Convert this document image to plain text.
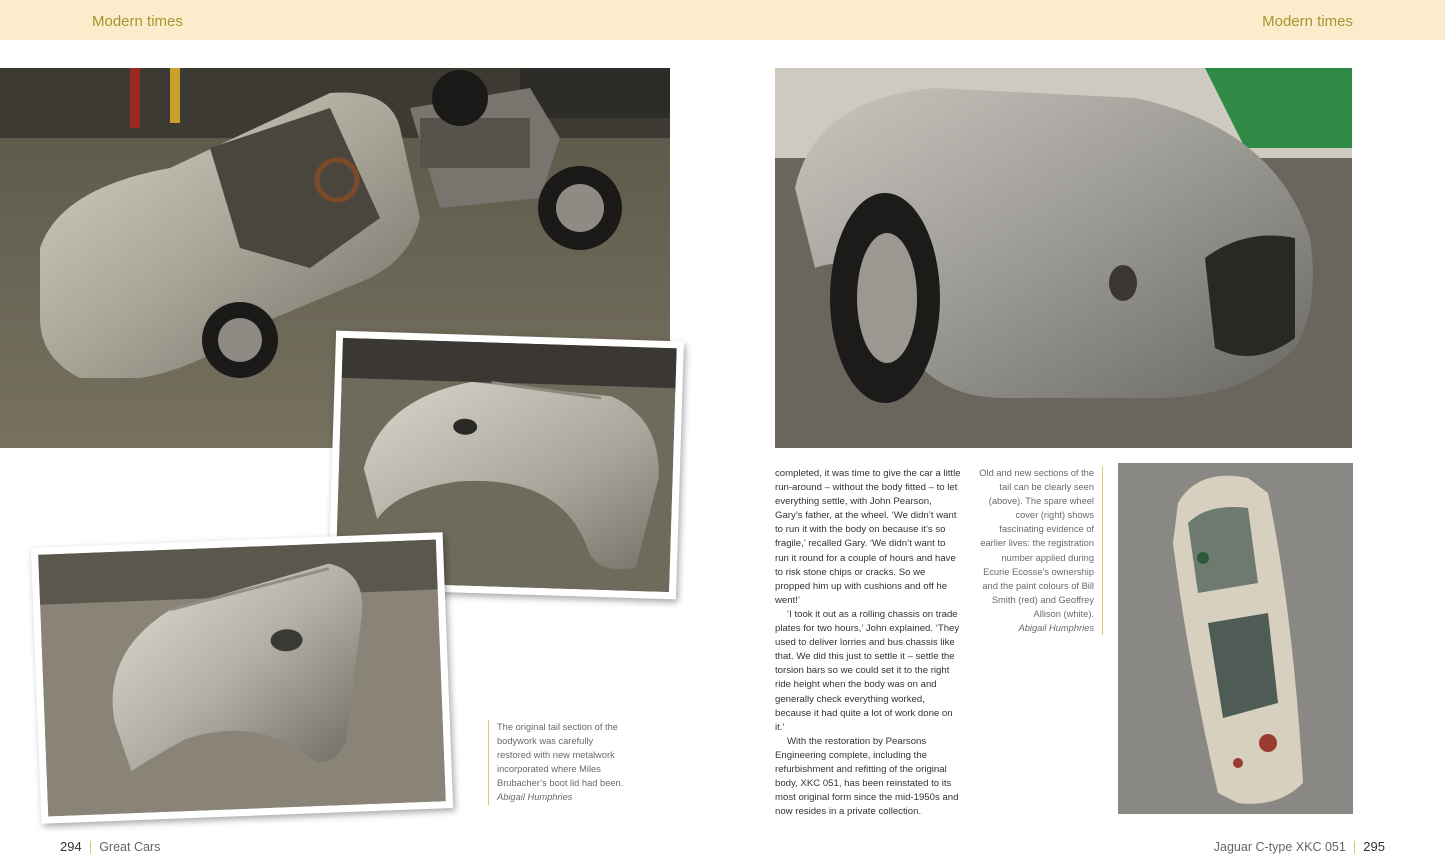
Modern times	Modern times

completed, it was time to give the car a little run-around – without the body fitted – to let everything settle, with John Pearson, Gary’s father, at the wheel. ‘We didn’t want to run it with the body on because it’s so fragile,’ recalled Gary. ‘We didn’t want to run it round for a couple of hours and have to risk stone chips or cracks. So we propped him up with cushions and off he went!’

‘I took it out as a rolling chassis on trade plates for two hours,’ John explained. ‘They used to deliver lorries and bus chassis like that. We did this just to settle it – settle the torsion bars so we could set it to the right ride height when the body was on and generally check everything worked, because it had quite a lot of work done on it.’

With the restoration by Pearsons Engineering complete, including the refurbishment and refitting of the original body, XKC 051, has been reinstated to its most original form since the mid-1950s and now resides in a private collection.

The original tail section of the bodywork was carefully restored with new metalwork incorporated where Miles Brubacher’s boot lid had been.
Abigail Humphries
Old and new sections of the tail can be clearly seen (above). The spare wheel cover (right) shows fascinating evidence of earlier lives: the registration number applied during Ecurie Ecosse’s ownership and the paint colours of Bill Smith (red) and Geoffrey Allison (white).
Abigail Humphries
294 Great Cars	Jaguar C-type XKC 051 295
